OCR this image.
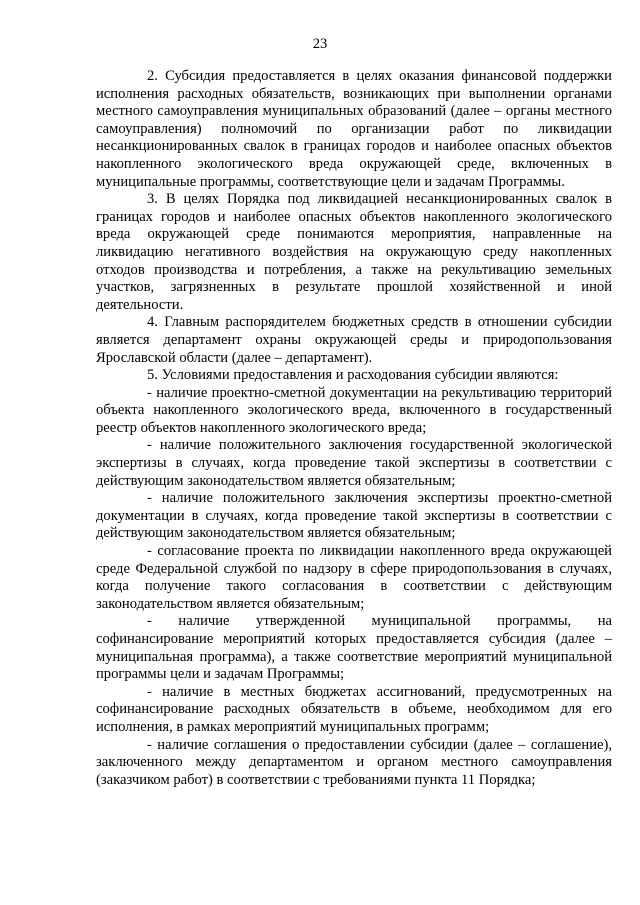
23

2. Субсидия предоставляется в целях оказания финансовой поддержки исполнения расходных обязательств, возникающих при выполнении органами местного самоуправления муниципальных образований (далее – органы местного самоуправления) полномочий по организации работ по ликвидации несанкционированных свалок в границах городов и наиболее опасных объектов накопленного экологического вреда окружающей среде, включенных в муниципальные программы, соответствующие цели и задачам Программы.

3. В целях Порядка под ликвидацией несанкционированных свалок в границах городов и наиболее опасных объектов накопленного экологического вреда окружающей среде понимаются мероприятия, направленные на ликвидацию негативного воздействия на окружающую среду накопленных отходов производства и потребления, а также на рекультивацию земельных участков, загрязненных в результате прошлой хозяйственной и иной деятельности.

4. Главным распорядителем бюджетных средств в отношении субсидии является департамент охраны окружающей среды и природопользования Ярославской области (далее – департамент).

5. Условиями предоставления и расходования субсидии являются:

- наличие проектно-сметной документации на рекультивацию территорий объекта накопленного экологического вреда, включенного в государственный реестр объектов накопленного экологического вреда;

- наличие положительного заключения государственной экологической экспертизы в случаях, когда проведение такой экспертизы в соответствии с действующим законодательством является обязательным;

- наличие положительного заключения экспертизы проектно-сметной документации в случаях, когда проведение такой экспертизы в соответствии с действующим законодательством является обязательным;

- согласование проекта по ликвидации накопленного вреда окружающей среде Федеральной службой по надзору в сфере природопользования в случаях, когда получение такого согласования в соответствии с действующим законодательством является обязательным;

- наличие утвержденной муниципальной программы, на софинансирование мероприятий которых предоставляется субсидия (далее – муниципальная программа), а также соответствие мероприятий муниципальной программы цели и задачам Программы;

- наличие в местных бюджетах ассигнований, предусмотренных на софинансирование расходных обязательств в объеме, необходимом для его исполнения, в рамках мероприятий муниципальных программ;

- наличие соглашения о предоставлении субсидии (далее – соглашение), заключенного между департаментом и органом местного самоуправления (заказчиком работ) в соответствии с требованиями пункта 11 Порядка;
